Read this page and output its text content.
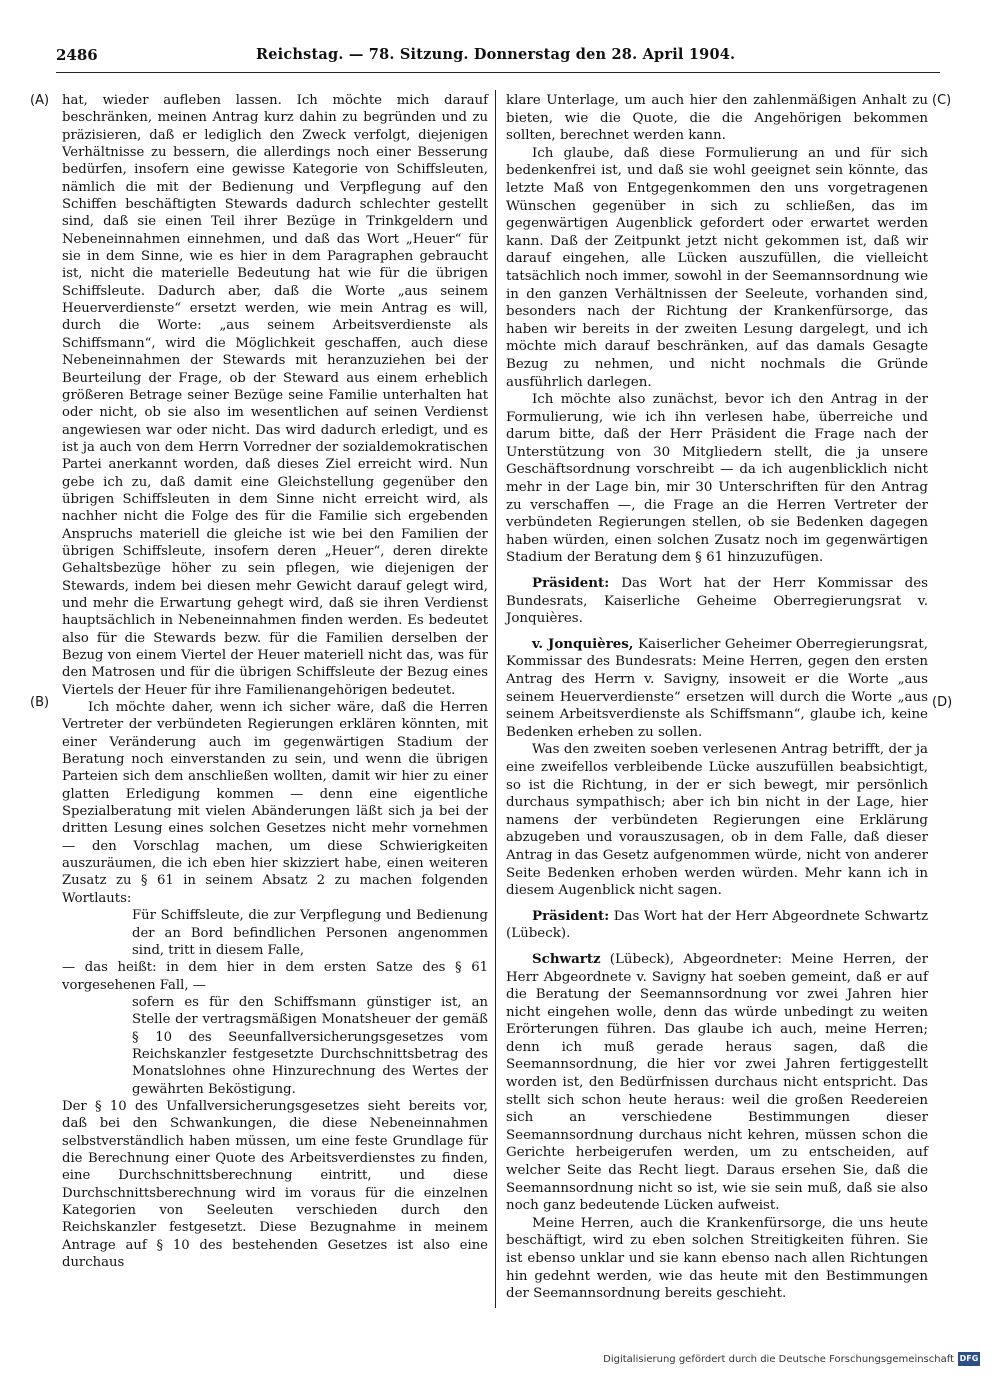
2486	Reichstag. — 78. Sitzung. Donnerstag den 28. April 1904.
(A)
(B)
(C)
(D)

hat, wieder aufleben lassen. Ich möchte mich darauf beschränken, meinen Antrag kurz dahin zu begründen und zu präzisieren, daß er lediglich den Zweck verfolgt, diejenigen Verhältnisse zu bessern, die allerdings noch einer Besserung bedürfen, insofern eine gewisse Kategorie von Schiffsleuten, nämlich die mit der Bedienung und Verpflegung auf den Schiffen beschäftigten Stewards dadurch schlechter gestellt sind, daß sie einen Teil ihrer Bezüge in Trinkgeldern und Nebeneinnahmen einnehmen, und daß das Wort „Heuer“ für sie in dem Sinne, wie es hier in dem Paragraphen gebraucht ist, nicht die materielle Bedeutung hat wie für die übrigen Schiffsleute. Dadurch aber, daß die Worte „aus seinem Heuerverdienste“ ersetzt werden, wie mein Antrag es will, durch die Worte: „aus seinem Arbeitsverdienste als Schiffsmann“, wird die Möglichkeit geschaffen, auch diese Nebeneinnahmen der Stewards mit heranzuziehen bei der Beurteilung der Frage, ob der Steward aus einem erheblich größeren Betrage seiner Bezüge seine Familie unterhalten hat oder nicht, ob sie also im wesentlichen auf seinen Verdienst angewiesen war oder nicht. Das wird dadurch erledigt, und es ist ja auch von dem Herrn Vorredner der sozialdemokratischen Partei anerkannt worden, daß dieses Ziel erreicht wird. Nun gebe ich zu, daß damit eine Gleichstellung gegenüber den übrigen Schiffsleuten in dem Sinne nicht erreicht wird, als nachher nicht die Folge des für die Familie sich ergebenden Anspruchs materiell die gleiche ist wie bei den Familien der übrigen Schiffsleute, insofern deren „Heuer“, deren direkte Gehaltsbezüge höher zu sein pflegen, wie diejenigen der Stewards, indem bei diesen mehr Gewicht darauf gelegt wird, und mehr die Erwartung gehegt wird, daß sie ihren Verdienst hauptsächlich in Nebeneinnahmen finden werden. Es bedeutet also für die Stewards bezw. für die Familien derselben der Bezug von einem Viertel der Heuer materiell nicht das, was für den Matrosen und für die übrigen Schiffsleute der Bezug eines Viertels der Heuer für ihre Familienangehörigen bedeutet.

Ich möchte daher, wenn ich sicher wäre, daß die Herren Vertreter der verbündeten Regierungen erklären könnten, mit einer Veränderung auch im gegenwärtigen Stadium der Beratung noch einverstanden zu sein, und wenn die übrigen Parteien sich dem anschließen wollten, damit wir hier zu einer glatten Erledigung kommen — denn eine eigentliche Spezialberatung mit vielen Abänderungen läßt sich ja bei der dritten Lesung eines solchen Gesetzes nicht mehr vornehmen — den Vorschlag machen, um diese Schwierigkeiten auszuräumen, die ich eben hier skizziert habe, einen weiteren Zusatz zu § 61 in seinem Absatz 2 zu machen folgenden Wortlauts:

Für Schiffsleute, die zur Verpflegung und Bedienung der an Bord befindlichen Personen angenommen sind, tritt in diesem Falle,

— das heißt: in dem hier in dem ersten Satze des § 61 vorgesehenen Fall, —

sofern es für den Schiffsmann günstiger ist, an Stelle der vertragsmäßigen Monatsheuer der gemäß § 10 des Seeunfallversicherungsgesetzes vom Reichskanzler festgesetzte Durchschnittsbetrag des Monatslohnes ohne Hinzurechnung des Wertes der gewährten Beköstigung.

Der § 10 des Unfallversicherungsgesetzes sieht bereits vor, daß bei den Schwankungen, die diese Nebeneinnahmen selbstverständlich haben müssen, um eine feste Grundlage für die Berechnung einer Quote des Arbeitsverdienstes zu finden, eine Durchschnittsberechnung eintritt, und diese Durchschnittsberechnung wird im voraus für die einzelnen Kategorien von Seeleuten verschieden durch den Reichskanzler festgesetzt. Diese Bezugnahme in meinem Antrage auf § 10 des bestehenden Gesetzes ist also eine durchaus

klare Unterlage, um auch hier den zahlenmäßigen Anhalt zu bieten, wie die Quote, die die Angehörigen bekommen sollten, berechnet werden kann.

Ich glaube, daß diese Formulierung an und für sich bedenkenfrei ist, und daß sie wohl geeignet sein könnte, das letzte Maß von Entgegenkommen den uns vorgetragenen Wünschen gegenüber in sich zu schließen, das im gegenwärtigen Augenblick gefordert oder erwartet werden kann. Daß der Zeitpunkt jetzt nicht gekommen ist, daß wir darauf eingehen, alle Lücken auszufüllen, die vielleicht tatsächlich noch immer, sowohl in der Seemannsordnung wie in den ganzen Verhältnissen der Seeleute, vorhanden sind, besonders nach der Richtung der Krankenfürsorge, das haben wir bereits in der zweiten Lesung dargelegt, und ich möchte mich darauf beschränken, auf das damals Gesagte Bezug zu nehmen, und nicht nochmals die Gründe ausführlich darlegen.

Ich möchte also zunächst, bevor ich den Antrag in der Formulierung, wie ich ihn verlesen habe, überreiche und darum bitte, daß der Herr Präsident die Frage nach der Unterstützung von 30 Mitgliedern stellt, die ja unsere Geschäftsordnung vorschreibt — da ich augenblicklich nicht mehr in der Lage bin, mir 30 Unterschriften für den Antrag zu verschaffen —, die Frage an die Herren Vertreter der verbündeten Regierungen stellen, ob sie Bedenken dagegen haben würden, einen solchen Zusatz noch im gegenwärtigen Stadium der Beratung dem § 61 hinzuzufügen.

Präsident: Das Wort hat der Herr Kommissar des Bundesrats, Kaiserliche Geheime Oberregierungsrat v. Jonquières.

v. Jonquières, Kaiserlicher Geheimer Oberregierungsrat, Kommissar des Bundesrats: Meine Herren, gegen den ersten Antrag des Herrn v. Savigny, insoweit er die Worte „aus seinem Heuerverdienste“ ersetzen will durch die Worte „aus seinem Arbeitsverdienste als Schiffsmann“, glaube ich, keine Bedenken erheben zu sollen.

Was den zweiten soeben verlesenen Antrag betrifft, der ja eine zweifellos verbleibende Lücke auszufüllen beabsichtigt, so ist die Richtung, in der er sich bewegt, mir persönlich durchaus sympathisch; aber ich bin nicht in der Lage, hier namens der verbündeten Regierungen eine Erklärung abzugeben und vorauszusagen, ob in dem Falle, daß dieser Antrag in das Gesetz aufgenommen würde, nicht von anderer Seite Bedenken erhoben werden würden. Mehr kann ich in diesem Augenblick nicht sagen.

Präsident: Das Wort hat der Herr Abgeordnete Schwartz (Lübeck).

Schwartz (Lübeck), Abgeordneter: Meine Herren, der Herr Abgeordnete v. Savigny hat soeben gemeint, daß er auf die Beratung der Seemannsordnung vor zwei Jahren hier nicht eingehen wolle, denn das würde unbedingt zu weiten Erörterungen führen. Das glaube ich auch, meine Herren; denn ich muß gerade heraus sagen, daß die Seemannsordnung, die hier vor zwei Jahren fertiggestellt worden ist, den Bedürfnissen durchaus nicht entspricht. Das stellt sich schon heute heraus: weil die großen Reedereien sich an verschiedene Bestimmungen dieser Seemannsordnung durchaus nicht kehren, müssen schon die Gerichte herbeigerufen werden, um zu entscheiden, auf welcher Seite das Recht liegt. Daraus ersehen Sie, daß die Seemannsordnung nicht so ist, wie sie sein muß, daß sie also noch ganz bedeutende Lücken aufweist.

Meine Herren, auch die Krankenfürsorge, die uns heute beschäftigt, wird zu eben solchen Streitigkeiten führen. Sie ist ebenso unklar und sie kann ebenso nach allen Richtungen hin gedehnt werden, wie das heute mit den Bestimmungen der Seemannsordnung bereits geschieht.

Digitalisierung gefördert durch die Deutsche Forschungsgemeinschaft DFG
